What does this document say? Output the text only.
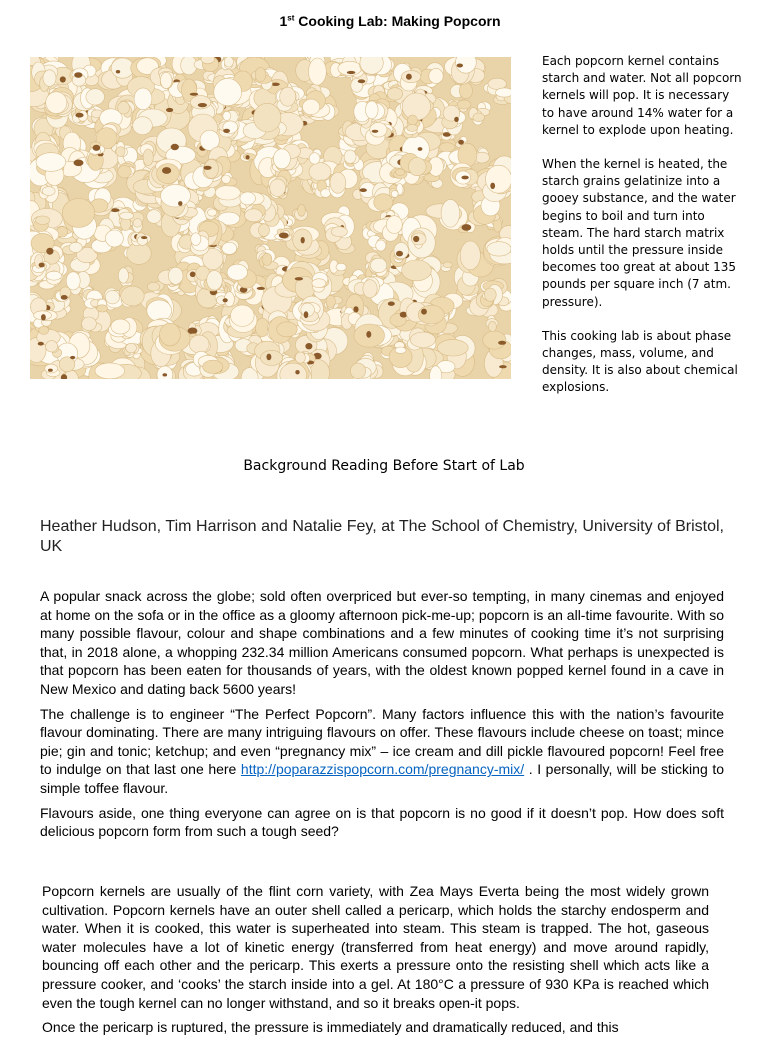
1st Cooking Lab: Making Popcorn

Each popcorn kernel contains starch and water. Not all popcorn kernels will pop. It is necessary to have around 14% water for a kernel to explode upon heating.

When the kernel is heated, the starch grains gelatinize into a gooey substance, and the water begins to boil and turn into steam. The hard starch matrix holds until the pressure inside becomes too great at about 135 pounds per square inch (7 atm. pressure).

This cooking lab is about phase changes, mass, volume, and density. It is also about chemical explosions.

Background Reading Before Start of Lab
Heather Hudson, Tim Harrison and Natalie Fey, at The School of Chemistry, University of Bristol, UK

A popular snack across the globe; sold often overpriced but ever-so tempting, in many cinemas and enjoyed at home on the sofa or in the office as a gloomy afternoon pick-me-up; popcorn is an all-time favourite. With so many possible flavour, colour and shape combinations and a few minutes of cooking time it’s not surprising that, in 2018 alone, a whopping 232.34 million Americans consumed popcorn. What perhaps is unexpected is that popcorn has been eaten for thousands of years, with the oldest known popped kernel found in a cave in New Mexico and dating back 5600 years!

The challenge is to engineer “The Perfect Popcorn”. Many factors influence this with the nation’s favourite flavour dominating. There are many intriguing flavours on offer. These flavours include cheese on toast; mince pie; gin and tonic; ketchup; and even “pregnancy mix” – ice cream and dill pickle flavoured popcorn! Feel free to indulge on that last one here http://poparazzispopcorn.com/pregnancy-mix/ . I personally, will be sticking to simple toffee flavour.

Flavours aside, one thing everyone can agree on is that popcorn is no good if it doesn’t pop. How does soft delicious popcorn form from such a tough seed?

Popcorn kernels are usually of the flint corn variety, with Zea Mays Everta being the most widely grown cultivation. Popcorn kernels have an outer shell called a pericarp, which holds the starchy endosperm and water. When it is cooked, this water is superheated into steam. This steam is trapped. The hot, gaseous water molecules have a lot of kinetic energy (transferred from heat energy) and move around rapidly, bouncing off each other and the pericarp. This exerts a pressure onto the resisting shell which acts like a pressure cooker, and ‘cooks’ the starch inside into a gel. At 180°C a pressure of 930 KPa is reached which even the tough kernel can no longer withstand, and so it breaks open-it pops.

Once the pericarp is ruptured, the pressure is immediately and dramatically reduced, and this
